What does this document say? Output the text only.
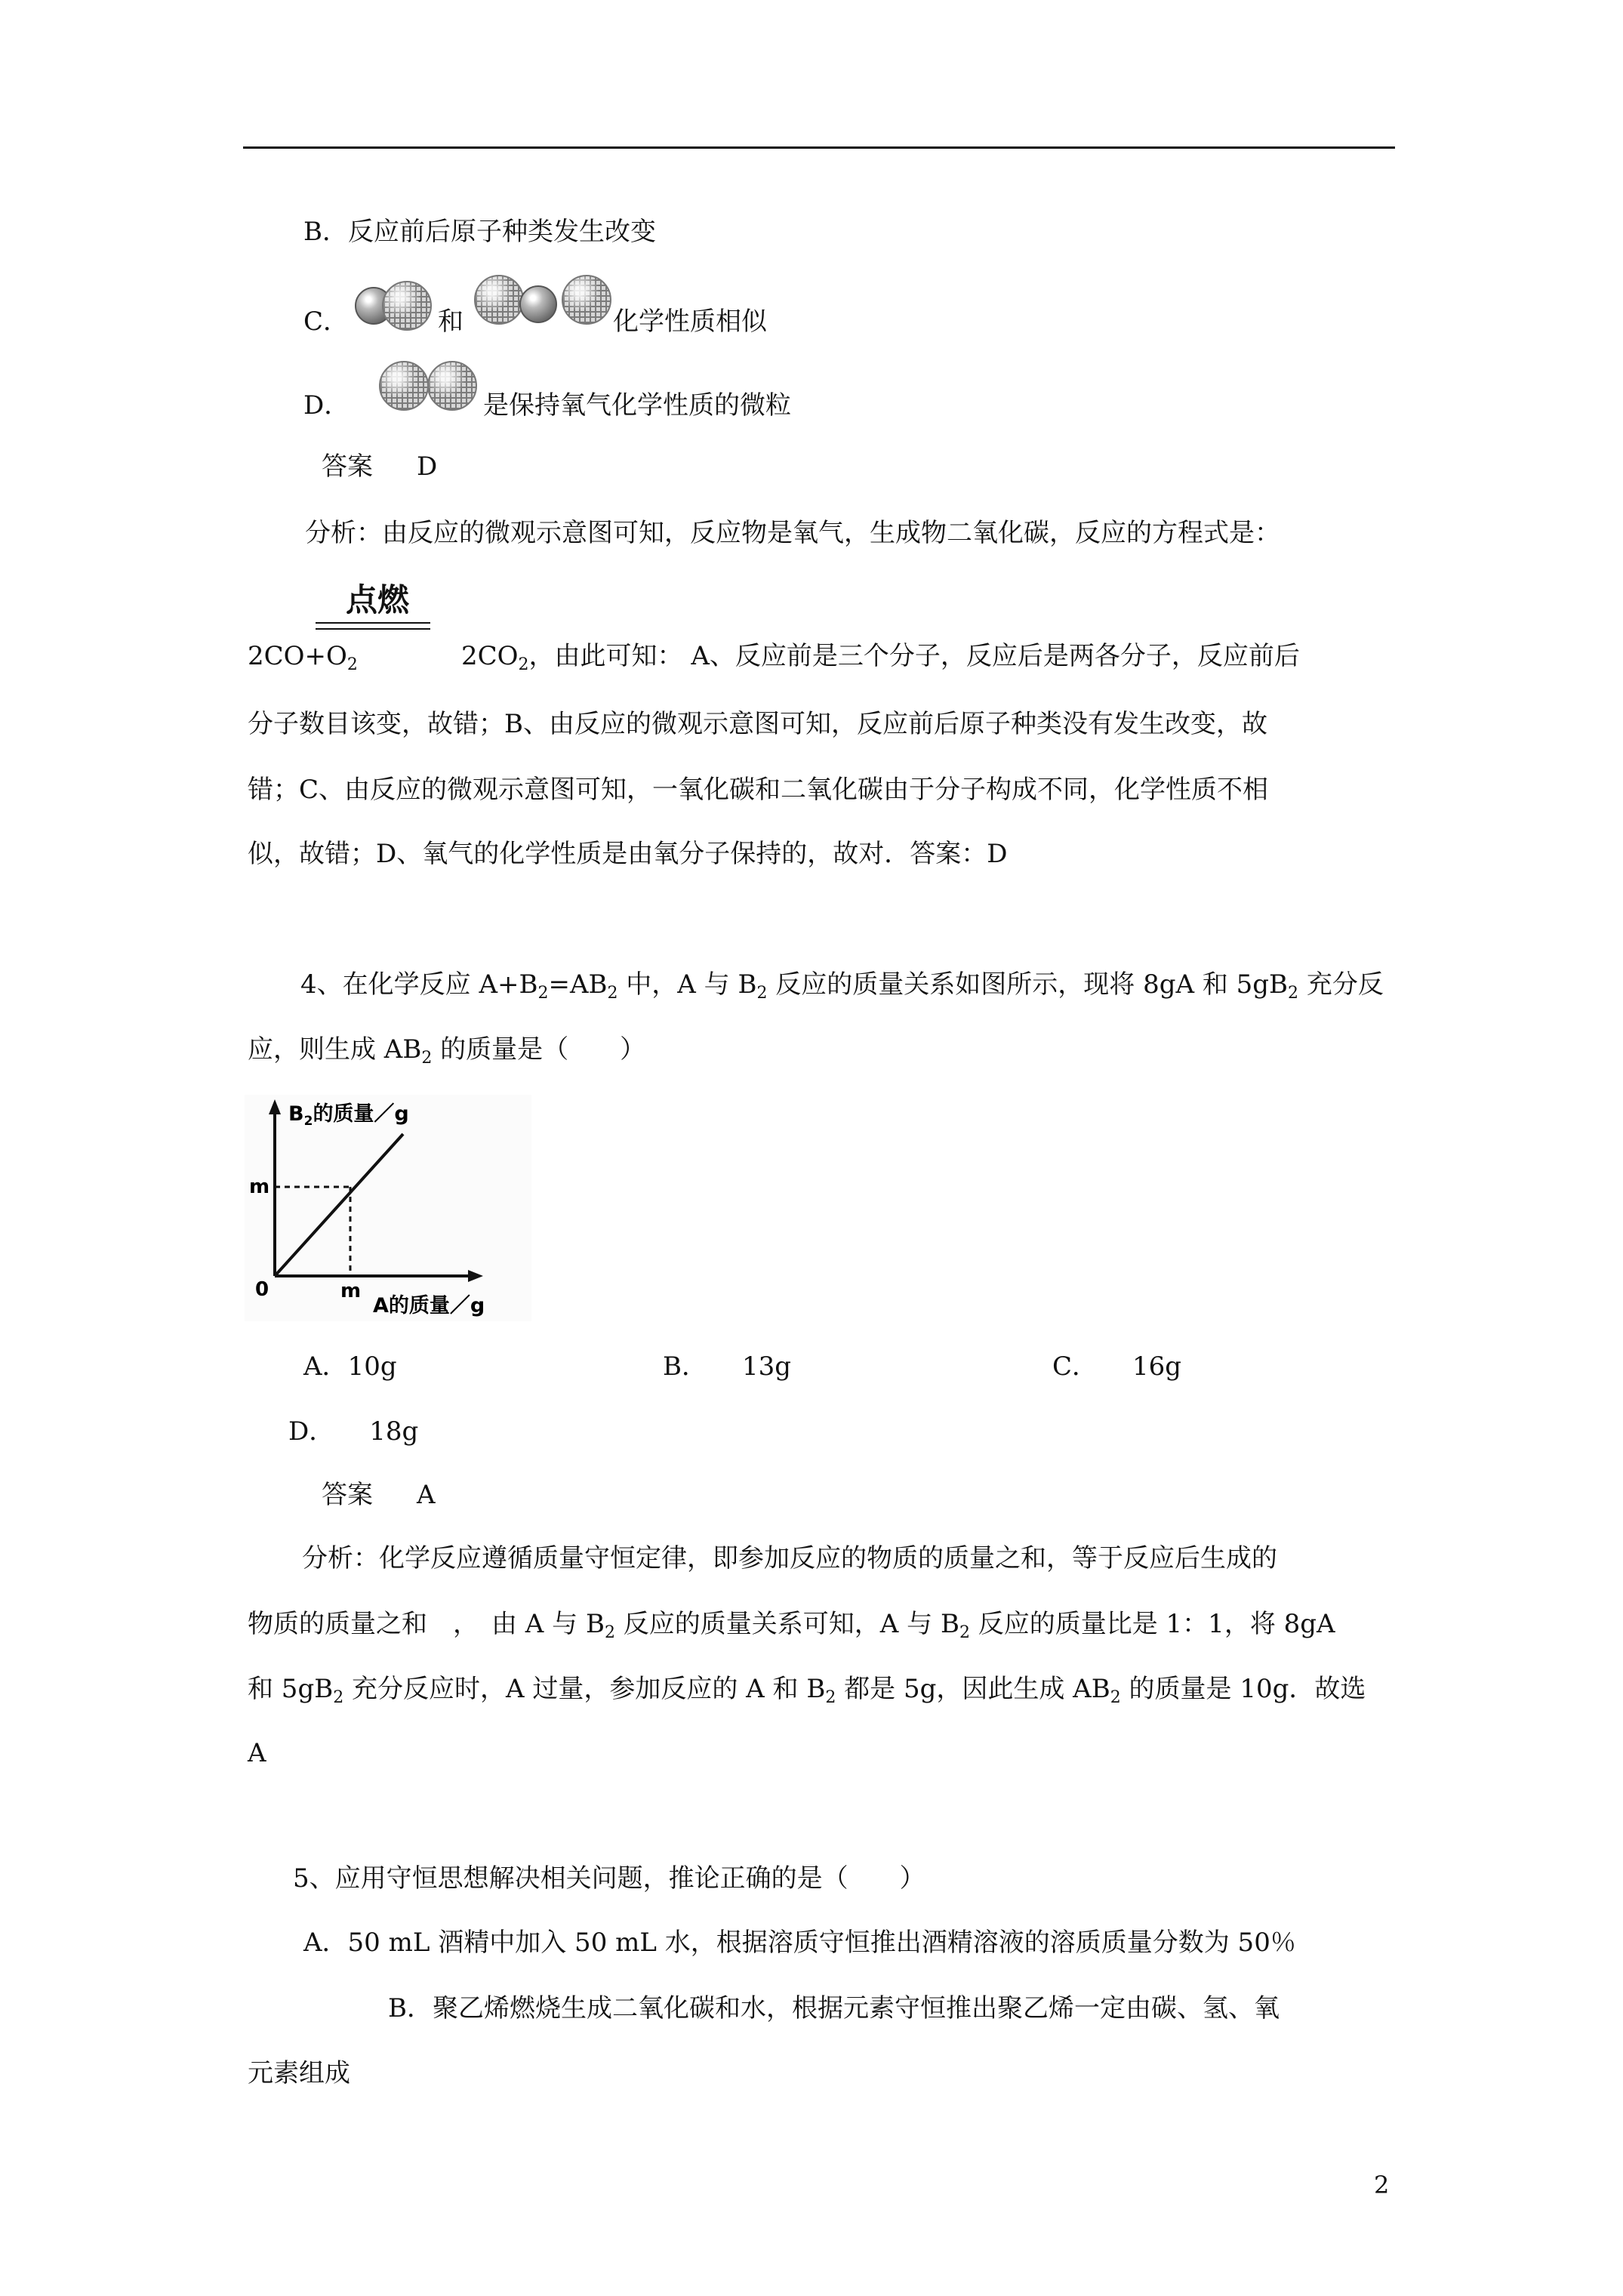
B．反应前后原子种类发生改变
C．	和	化学性质相似
D．	是保持氧气化学性质的微粒
答案 D
分析：由反应的微观示意图可知，反应物是氧气，生成物二氧化碳，反应的方程式是：
点燃
$2CO+O_2$	$2CO_2$，由此可知： A、反应前是三个分子，反应后是两各分子，反应前后
分子数目该变，故错；B、由反应的微观示意图可知，反应前后原子种类没有发生改变，故
错；C、由反应的微观示意图可知，一氧化碳和二氧化碳由于分子构成不同，化学性质不相
似，故错；D、氧气的化学性质是由氧分子保持的，故对．答案：D
4、在化学反应 $A+B_2=AB_2$ 中，A 与 $B_2$ 反应的质量关系如图所示，现将 8gA 和 $5gB_2$ 充分反
应，则生成 $AB_2$ 的质量是（　　）
$B_2$的质量／g
m
0	m
A的质量／g
A．10g	B． 13g	C． 16g
D． 18g
答案 A
分析：化学反应遵循质量守恒定律，即参加反应的物质的质量之和，等于反应后生成的
物质的质量之和　，　由 A 与 $B_2$ 反应的质量关系可知，A 与 $B_2$ 反应的质量比是 1：1，将 8gA
和 $5gB_2$ 充分反应时，A 过量，参加反应的 A 和 $B_2$ 都是 5g，因此生成 $AB_2$ 的质量是 10g．故选
A
5、应用守恒思想解决相关问题，推论正确的是（　　）
A．50 mL 酒精中加入 50 mL 水，根据溶质守恒推出酒精溶液的溶质质量分数为 50％
B．聚乙烯燃烧生成二氧化碳和水，根据元素守恒推出聚乙烯一定由碳、氢、氧
元素组成
2
